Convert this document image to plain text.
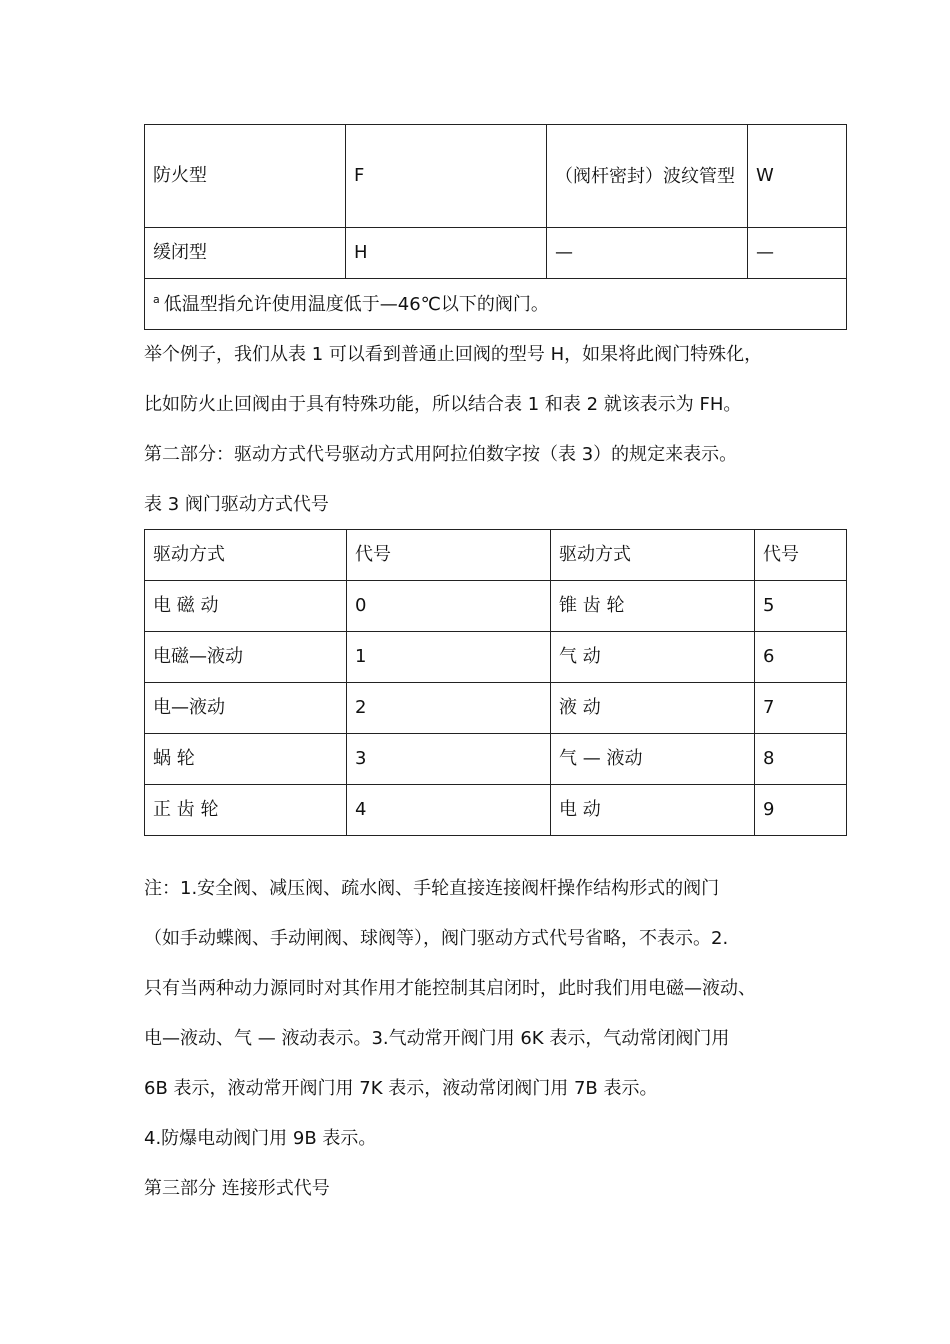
防火型	F	（阀杆密封）波纹管型	W
缓闭型	H	—	—
$^a$ 低温型指允许使用温度低于—46℃以下的阀门。			
举个例子，我们从表 1 可以看到普通止回阀的型号 H，如果将此阀门特殊化，
比如防火止回阀由于具有特殊功能，所以结合表 1 和表 2 就该表示为 FH。
第二部分：驱动方式代号驱动方式用阿拉伯数字按（表 3）的规定来表示。
表 3 阀门驱动方式代号
驱动方式	代号	驱动方式	代号
电 磁 动	0	锥 齿 轮	5
电磁—液动	1	气 动	6
电—液动	2	液 动	7
蜗 轮	3	气 — 液动	8
正 齿 轮	4	电 动	9
注：1.安全阀、减压阀、疏水阀、手轮直接连接阀杆操作结构形式的阀门
（如手动蝶阀、手动闸阀、球阀等），阀门驱动方式代号省略，不表示。2.
只有当两种动力源同时对其作用才能控制其启闭时，此时我们用电磁—液动、
电—液动、气 — 液动表示。3.气动常开阀门用 6K 表示，气动常闭阀门用
6B 表示，液动常开阀门用 7K 表示，液动常闭阀门用 7B 表示。
4.防爆电动阀门用 9B 表示。
第三部分 连接形式代号
